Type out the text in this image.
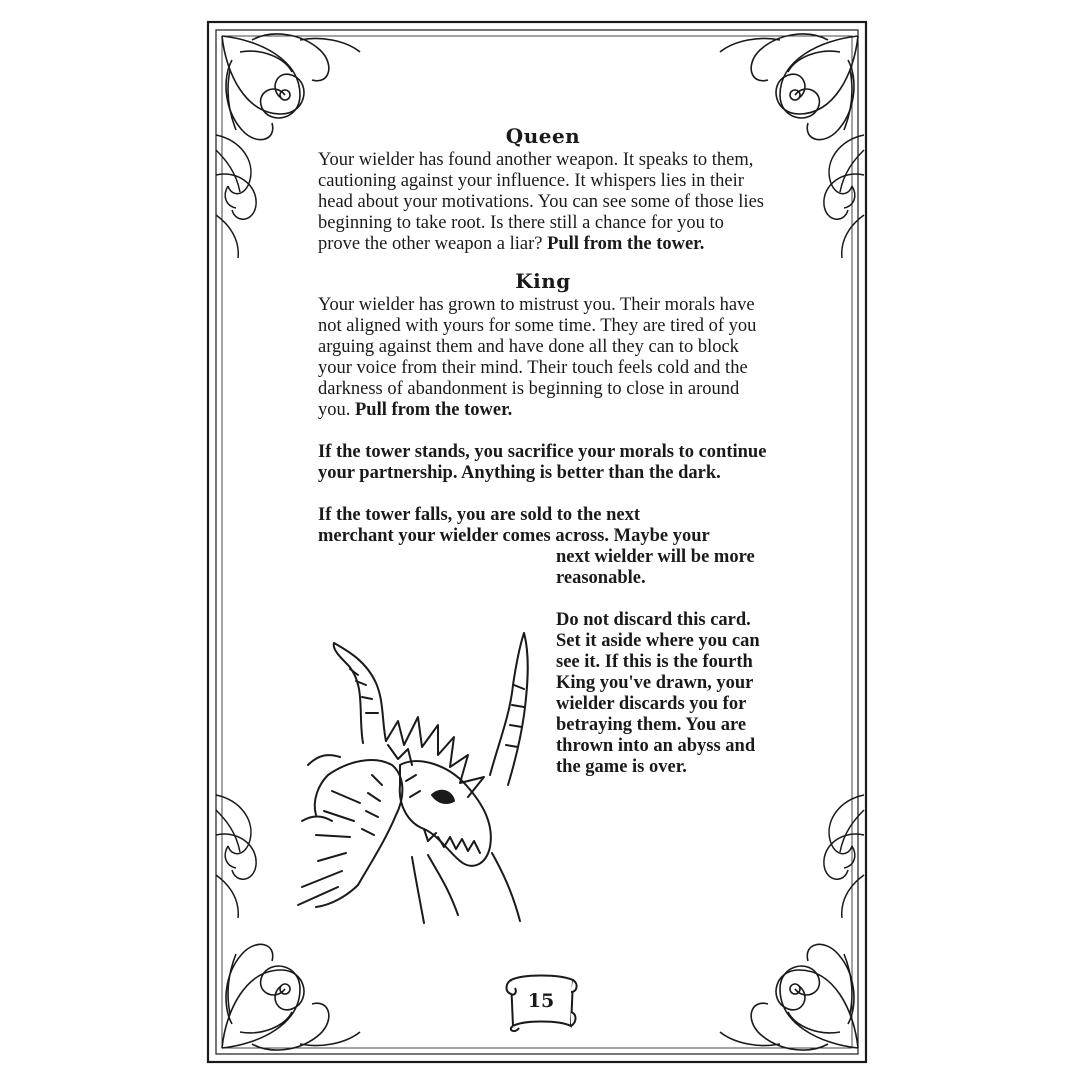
Queen

Your wielder has found another weapon. It speaks to them, cautioning against your influence. It whispers lies in their head about your motivations. You can see some of those lies beginning to take root. Is there still a chance for you to prove the other weapon a liar? Pull from the tower.

King

Your wielder has grown to mistrust you. Their morals have not aligned with yours for some time. They are tired of you arguing against them and have done all they can to block your voice from their mind. Their touch feels cold and the darkness of abandonment is beginning to close in around you. Pull from the tower.

If the tower stands, you sacrifice your morals to continue your partnership. Anything is better than the dark.

If the tower falls, you are sold to the next

merchant your wielder comes across. Maybe your

next wielder will be more reasonable.

Do not discard this card. Set it aside where you can see it. If this is the fourth King you've drawn, your wielder discards you for betraying them. You are thrown into an abyss and the game is over.

15
